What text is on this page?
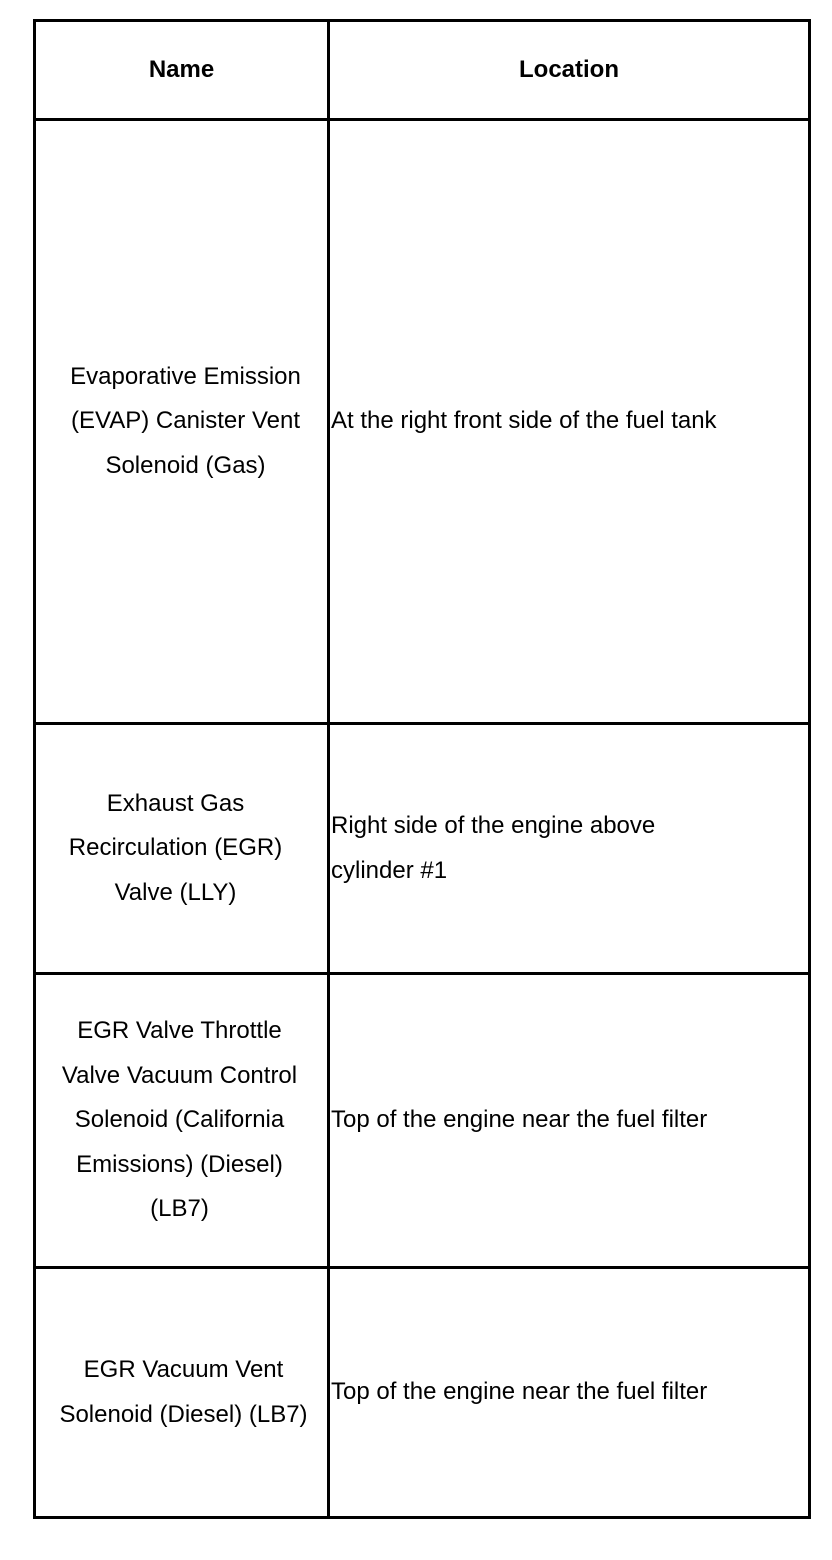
Name	Location

Evaporative Emission (EVAP) Canister Vent Solenoid (Gas)	At the right front side of the fuel tank

Exhaust Gas Recirculation (EGR) Valve (LLY)	Right side of the engine above cylinder #1

EGR Valve Throttle Valve Vacuum Control Solenoid (California Emissions) (Diesel) (LB7)	Top of the engine near the fuel filter

EGR Vacuum Vent Solenoid (Diesel) (LB7)	Top of the engine near the fuel filter
